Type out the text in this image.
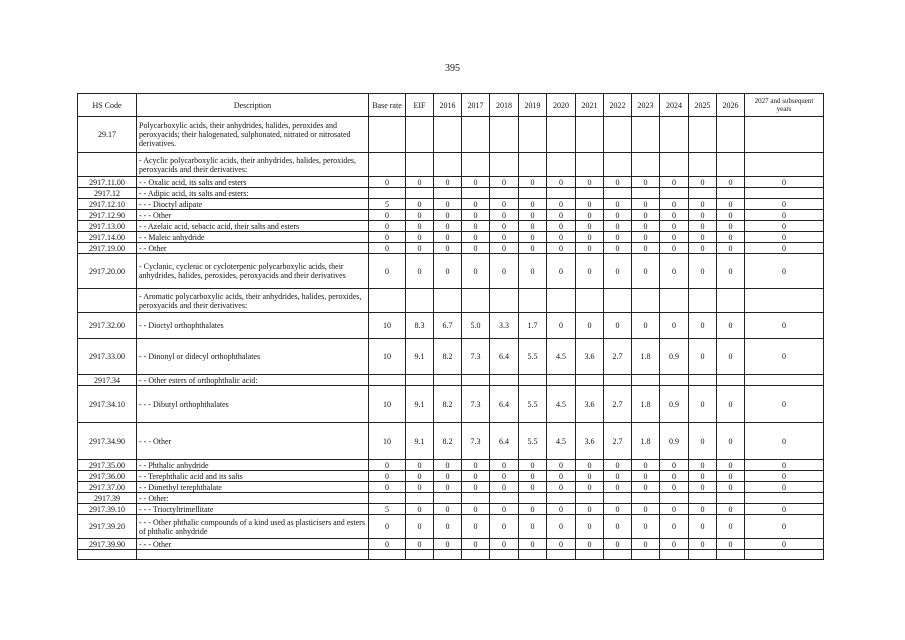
395
HS Code	Description	Base rate	EIF	2016	2017	2018	2019	2020	2021	2022	2023	2024	2025	2026	2027 and subsequent years
29.17	Polycarboxylic acids, their anhydrides, halides, peroxides and peroxyacids; their halogenated, sulphonated, nitrated or nitrosated derivatives.														
	- Acyclic polycarboxylic acids, their anhydrides, halides, peroxides, peroxyacids and their derivatives:														
2917.11.00	- - Oxalic acid, its salts and esters	0	0	0	0	0	0	0	0	0	0	0	0	0	0
2917.12	- - Adipic acid, its salts and esters:														
2917.12.10	- - - Dioctyl adipate	5	0	0	0	0	0	0	0	0	0	0	0	0	0
2917.12.90	- - - Other	0	0	0	0	0	0	0	0	0	0	0	0	0	0
2917.13.00	- - Azelaic acid, sebacic acid, their salts and esters	0	0	0	0	0	0	0	0	0	0	0	0	0	0
2917.14.00	- - Maleic anhydride	0	0	0	0	0	0	0	0	0	0	0	0	0	0
2917.19.00	- - Other	0	0	0	0	0	0	0	0	0	0	0	0	0	0
2917.20.00	- Cyclanic, cyclenic or cycloterpenic polycarboxylic acids, their anhydrides, halides, peroxides, peroxyacids and their derivatives	0	0	0	0	0	0	0	0	0	0	0	0	0	0
	- Aromatic polycarboxylic acids, their anhydrides, halides, peroxides, peroxyacids and their derivatives:														
2917.32.00	- - Dioctyl orthophthalates	10	8.3	6.7	5.0	3.3	1.7	0	0	0	0	0	0	0	0
2917.33.00	- - Dinonyl or didecyl orthophthalates	10	9.1	8.2	7.3	6.4	5.5	4.5	3.6	2.7	1.8	0.9	0	0	0
2917.34	- - Other esters of orthophthalic acid:														
2917.34.10	- - - Dibutyl orthophthalates	10	9.1	8.2	7.3	6.4	5.5	4.5	3.6	2.7	1.8	0.9	0	0	0
2917.34.90	- - - Other	10	9.1	8.2	7.3	6.4	5.5	4.5	3.6	2.7	1.8	0.9	0	0	0
2917.35.00	- - Phthalic anhydride	0	0	0	0	0	0	0	0	0	0	0	0	0	0
2917.36.00	- - Terephthalic acid and its salts	0	0	0	0	0	0	0	0	0	0	0	0	0	0
2917.37.00	- - Dimethyl terephthalate	0	0	0	0	0	0	0	0	0	0	0	0	0	0
2917.39	- - Other:														
2917.39.10	- - - Trioctyltrimellitate	5	0	0	0	0	0	0	0	0	0	0	0	0	0
2917.39.20	- - - Other phthalic compounds of a kind used as plasticisers and esters of phthalic anhydride	0	0	0	0	0	0	0	0	0	0	0	0	0	0
2917.39.90	- - - Other	0	0	0	0	0	0	0	0	0	0	0	0	0	0
